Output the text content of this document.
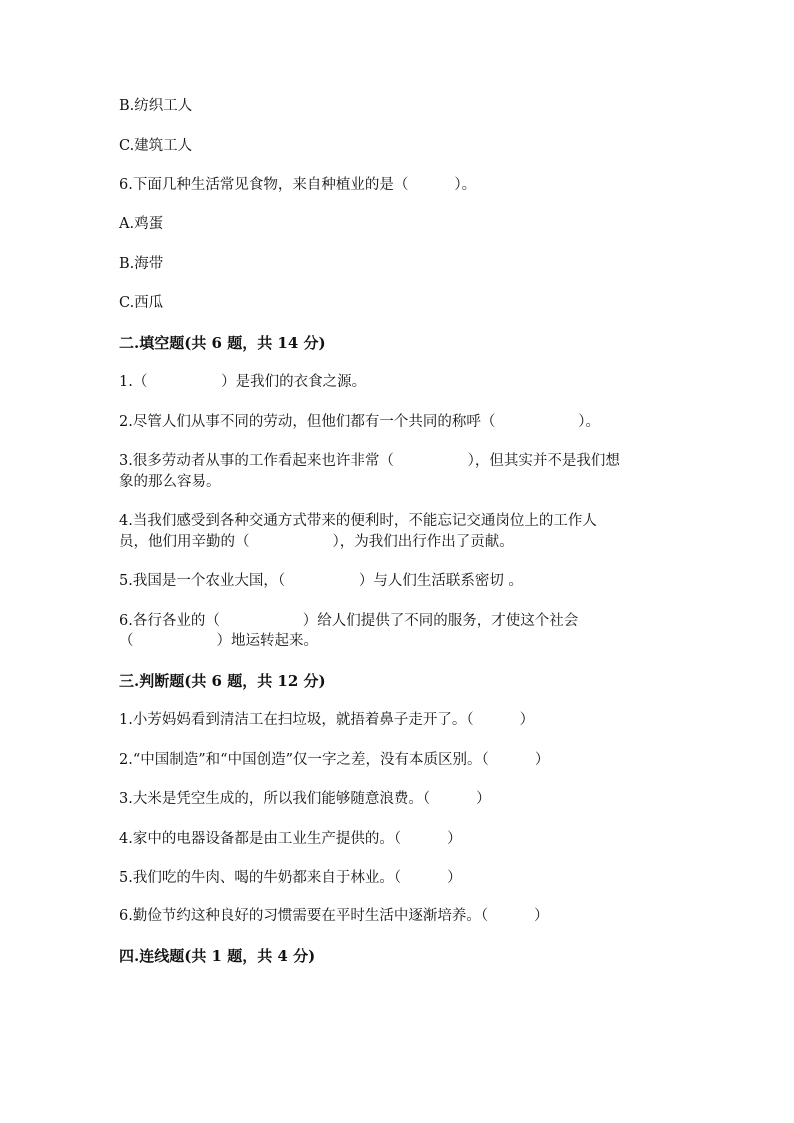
B.纺织工人

C.建筑工人

6.下面几种生活常见食物，来自种植业的是（          ）。

A.鸡蛋

B.海带

C.西瓜

二.填空题(共 6 题，共 14 分)

1.（                ）是我们的衣食之源。

2.尽管人们从事不同的劳动，但他们都有一个共同的称呼（                  ）。

3.很多劳动者从事的工作看起来也许非常（                ），但其实并不是我们想

象的那么容易。

4.当我们感受到各种交通方式带来的便利时，不能忘记交通岗位上的工作人

员，他们用辛勤的（                  ），为我们出行作出了贡献。

5.我国是一个农业大国，（                ）与人们生活联系密切 。

6.各行各业的（                  ）给人们提供了不同的服务，才使这个社会

（                  ）地运转起来。

三.判断题(共 6 题，共 12 分)

1.小芳妈妈看到清洁工在扫垃圾，就捂着鼻子走开了。（          ）

2.“中国制造”和“中国创造”仅一字之差，没有本质区别。（          ）

3.大米是凭空生成的，所以我们能够随意浪费。（          ）

4.家中的电器设备都是由工业生产提供的。（          ）

5.我们吃的牛肉、喝的牛奶都来自于林业。（          ）

6.勤俭节约这种良好的习惯需要在平时生活中逐渐培养。（          ）

四.连线题(共 1 题，共 4 分)
